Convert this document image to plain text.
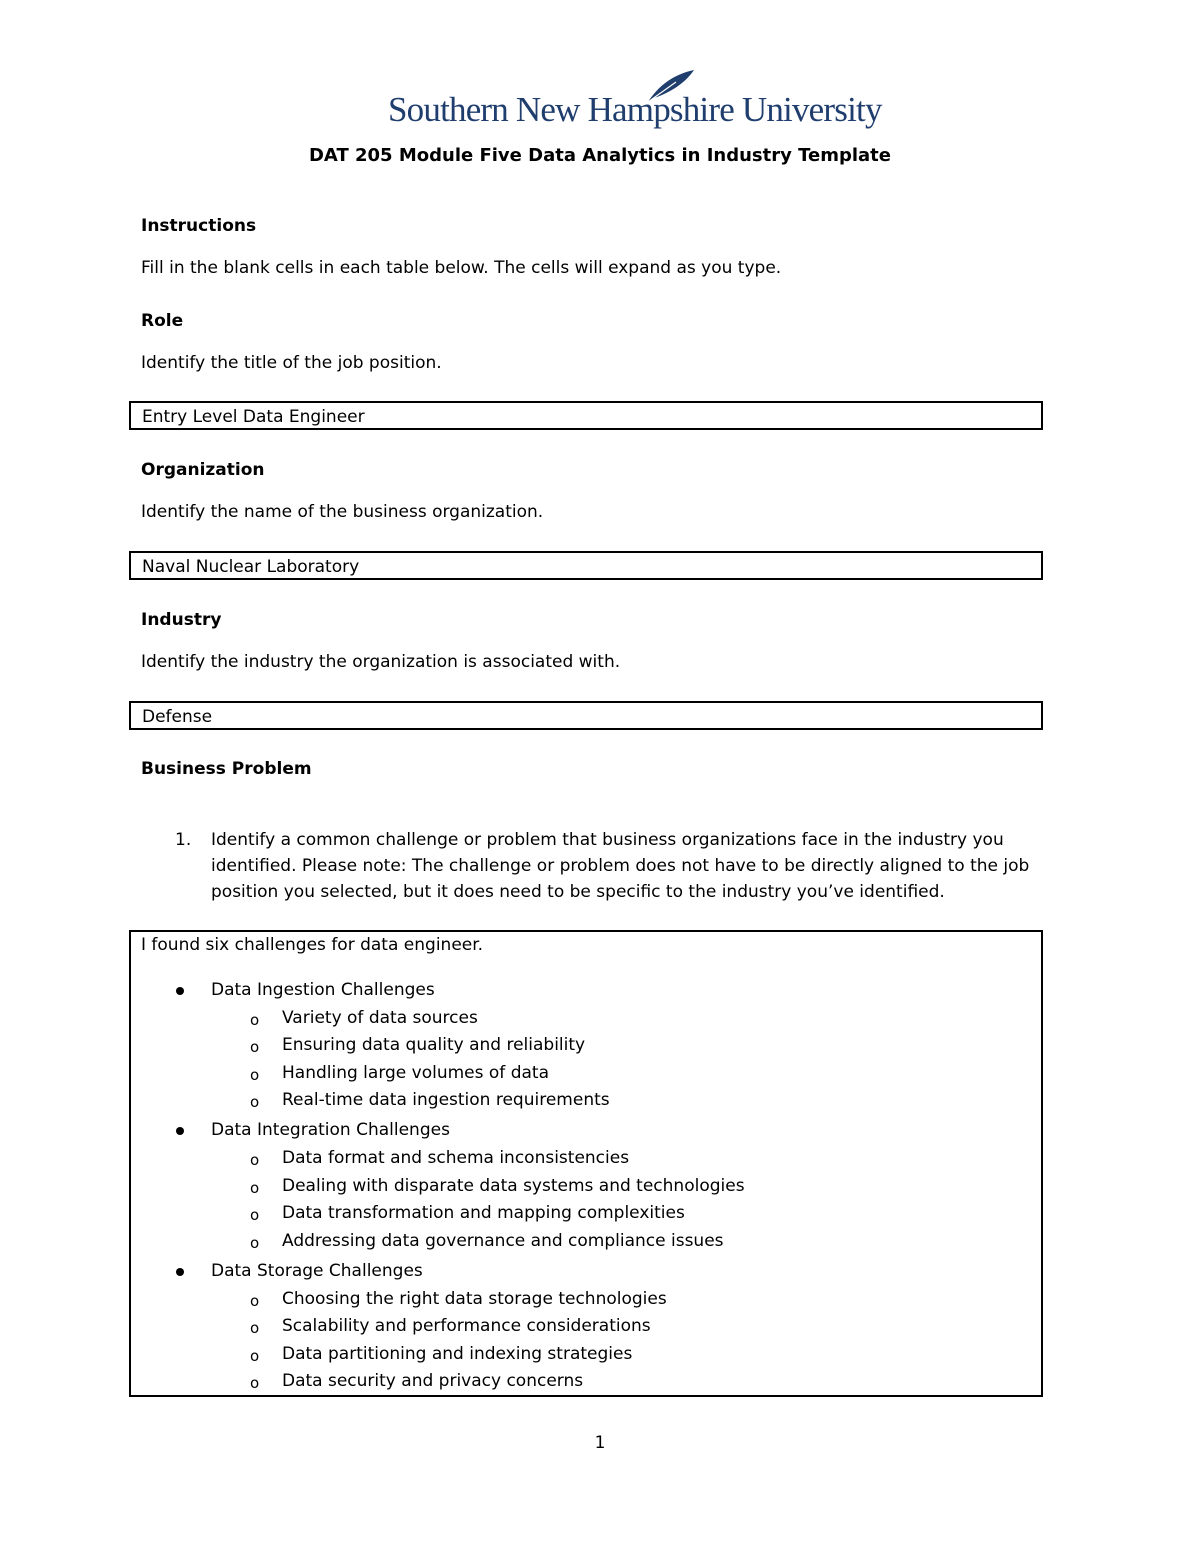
Southern New Hampshire University
DAT 205 Module Five Data Analytics in Industry Template
Instructions
Fill in the blank cells in each table below. The cells will expand as you type.
Role
Identify the title of the job position.
Entry Level Data Engineer
Organization
Identify the name of the business organization.
Naval Nuclear Laboratory
Industry
Identify the industry the organization is associated with.
Defense
Business Problem
1. Identify a common challenge or problem that business organizations face in the industry you
identified. Please note: The challenge or problem does not have to be directly aligned to the job
position you selected, but it does need to be specific to the industry you’ve identified.
I found six challenges for data engineer.
Data Ingestion Challenges
o Variety of data sources
o Ensuring data quality and reliability
o Handling large volumes of data
o Real-time data ingestion requirements
Data Integration Challenges
o Data format and schema inconsistencies
o Dealing with disparate data systems and technologies
o Data transformation and mapping complexities
o Addressing data governance and compliance issues
Data Storage Challenges
o Choosing the right data storage technologies
o Scalability and performance considerations
o Data partitioning and indexing strategies
o Data security and privacy concerns
1
